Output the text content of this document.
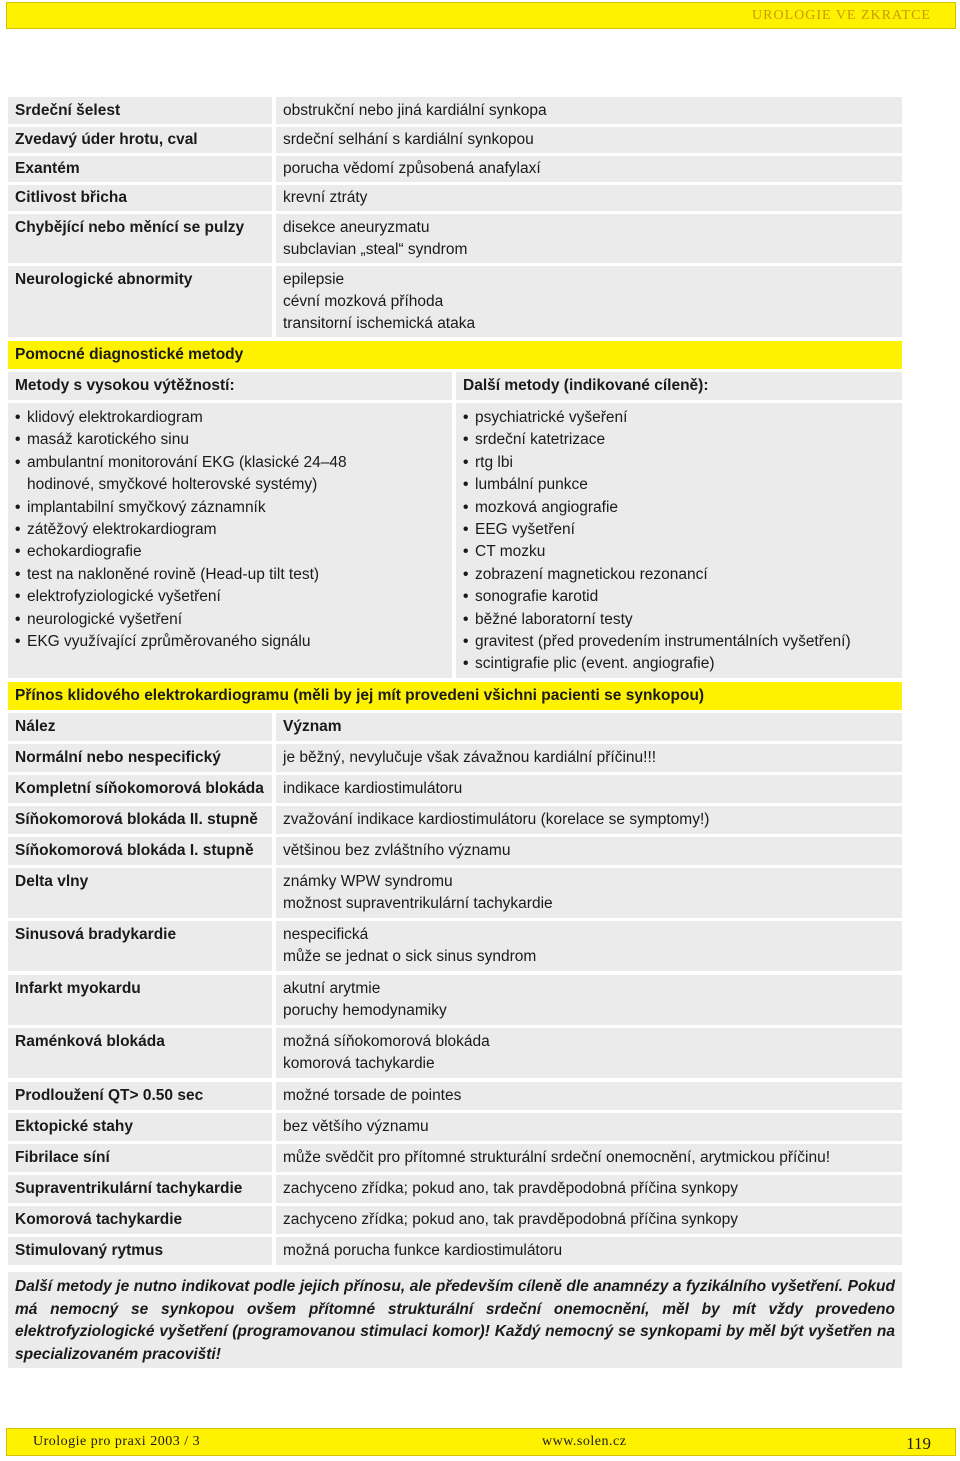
UROLOGIE VE ZKRATCE
Srdeční šelest	obstrukční nebo jiná kardiální synkopa
Zvedavý úder hrotu, cval	srdeční selhání s kardiální synkopou
Exantém	porucha vědomí způsobená anafylaxí
Citlivost břicha	krevní ztráty
Chybějící nebo měnící se pulzy	disekce aneuryzmatu
subclavian „steal“ syndrom
Neurologické abnormity	epilepsie
cévní mozková příhoda
transitorní ischemická ataka
Pomocné diagnostické metody
Metody s vysokou výtěžností:	Další metody (indikované cíleně):
• klidový elektrokardiogram
• masáž karotického sinu
• ambulantní monitorování EKG (klasické 24–48 hodinové, smyčkové holterovské systémy)
• implantabilní smyčkový záznamník
• zátěžový elektrokardiogram
• echokardiografie
• test na nakloněné rovině (Head-up tilt test)
• elektrofyziologické vyšetření
• neurologické vyšetření
• EKG využívající zprůměrovaného signálu
• psychiatrické vyšeření
• srdeční katetrizace
• rtg lbi
• lumbální punkce
• mozková angiografie
• EEG vyšetření
• CT mozku
• zobrazení magnetickou rezonancí
• sonografie karotid
• běžné laboratorní testy
• gravitest (před provedením instrumentálních vyšetření)
• scintigrafie plic (event. angiografie)
Přínos klidového elektrokardiogramu (měli by jej mít provedeni všichni pacienti se synkopou)
Nález	Význam
Normální nebo nespecifický	je běžný, nevylučuje však závažnou kardiální příčinu!!!
Kompletní síňokomorová blokáda	indikace kardiostimulátoru
Síňokomorová blokáda II. stupně	zvažování indikace kardiostimulátoru (korelace se symptomy!)
Síňokomorová blokáda I. stupně	většinou bez zvláštního významu
Delta vlny	známky WPW syndromu
možnost supraventrikulární tachykardie
Sinusová bradykardie	nespecifická
může se jednat o sick sinus syndrom
Infarkt myokardu	akutní arytmie
poruchy hemodynamiky
Raménková blokáda	možná síňokomorová blokáda
komorová tachykardie
Prodloužení QT> 0.50 sec	možné torsade de pointes
Ektopické stahy	bez většího významu
Fibrilace síní	může svědčit pro přítomné strukturální srdeční onemocnění, arytmickou příčinu!
Supraventrikulární tachykardie	zachyceno zřídka; pokud ano, tak pravděpodobná příčina synkopy
Komorová tachykardie	zachyceno zřídka; pokud ano, tak pravděpodobná příčina synkopy
Stimulovaný rytmus	možná porucha funkce kardiostimulátoru
Další metody je nutno indikovat podle jejich přínosu, ale především cíleně dle anamnézy a fyzikálního vyšetření. Pokud má nemocný se synkopou ovšem přítomné strukturální srdeční onemocnění, měl by mít vždy provedeno elektrofyziologické vyšetření (programovanou stimulaci komor)! Každý nemocný se synkopami by měl být vyšetřen na specializovaném pracovišti!
Urologie pro praxi 2003 / 3	www.solen.cz	119
